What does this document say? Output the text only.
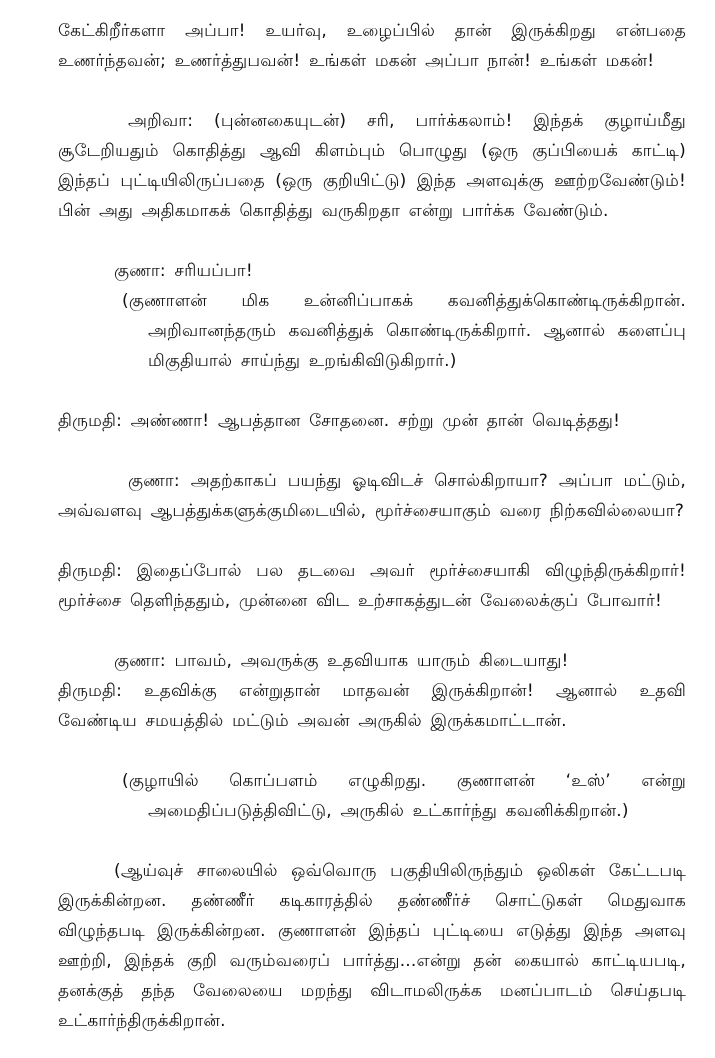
கேட்கிறீர்களா அப்பா! உயர்வு, உழைப்பில் தான் இருக்கிறது என்பதை உணர்ந்தவன்; உணர்த்துபவன்! உங்கள் மகன் அப்பா நான்! உங்கள் மகன்!

அறிவா: (புன்னகையுடன்) சரி, பார்க்கலாம்! இந்தக் குழாய்மீது சூடேறியதும் கொதித்து ஆவி கிளம்பும் பொழுது (ஒரு குப்பியைக் காட்டி) இந்தப் புட்டியிலிருப்பதை (ஒரு குறியிட்டு) இந்த அளவுக்கு ஊற்றவேண்டும்! பின் அது அதிகமாகக் கொதித்து வருகிறதா என்று பார்க்க வேண்டும்.

குணா: சரியப்பா!

(குணாளன் மிக உன்னிப்பாகக் கவனித்துக்கொண்டிருக்கிறான். அறிவானந்தரும் கவனித்துக் கொண்டிருக்கிறார். ஆனால் களைப்பு மிகுதியால் சாய்ந்து உறங்கிவிடுகிறார்.)

திருமதி: அண்ணா! ஆபத்தான சோதனை. சற்று முன் தான் வெடித்தது!

குணா: அதற்காகப் பயந்து ஓடிவிடச் சொல்கிறாயா? அப்பா மட்டும், அவ்வளவு ஆபத்துக்களுக்குமிடையில், மூர்ச்சையாகும் வரை நிற்கவில்லையா?

திருமதி: இதைப்போல் பல தடவை அவர் மூர்ச்சையாகி விழுந்திருக்கிறார்! மூர்ச்சை தெளிந்ததும், முன்னை விட உற்சாகத்துடன் வேலைக்குப் போவார்!

குணா: பாவம், அவருக்கு உதவியாக யாரும் கிடையாது!

திருமதி: உதவிக்கு என்றுதான் மாதவன் இருக்கிறான்! ஆனால் உதவி வேண்டிய சமயத்தில் மட்டும் அவன் அருகில் இருக்கமாட்டான்.

(குழாயில் கொப்பளம் எழுகிறது. குணாளன் ‘உஸ்’ என்று அமைதிப்படுத்திவிட்டு, அருகில் உட்கார்ந்து கவனிக்கிறான்.)

(ஆய்வுச் சாலையில் ஒவ்வொரு பகுதியிலிருந்தும் ஒலிகள் கேட்டபடி இருக்கின்றன. தண்ணீர் கடிகாரத்தில் தண்ணீர்ச் சொட்டுகள் மெதுவாக விழுந்தபடி இருக்கின்றன. குணாளன் இந்தப் புட்டியை எடுத்து இந்த அளவு ஊற்றி, இந்தக் குறி வரும்வரைப் பார்த்து...என்று தன் கையால் காட்டியபடி, தனக்குத் தந்த வேலையை மறந்து விடாமலிருக்க மனப்பாடம் செய்தபடி உட்கார்ந்திருக்கிறான்.
